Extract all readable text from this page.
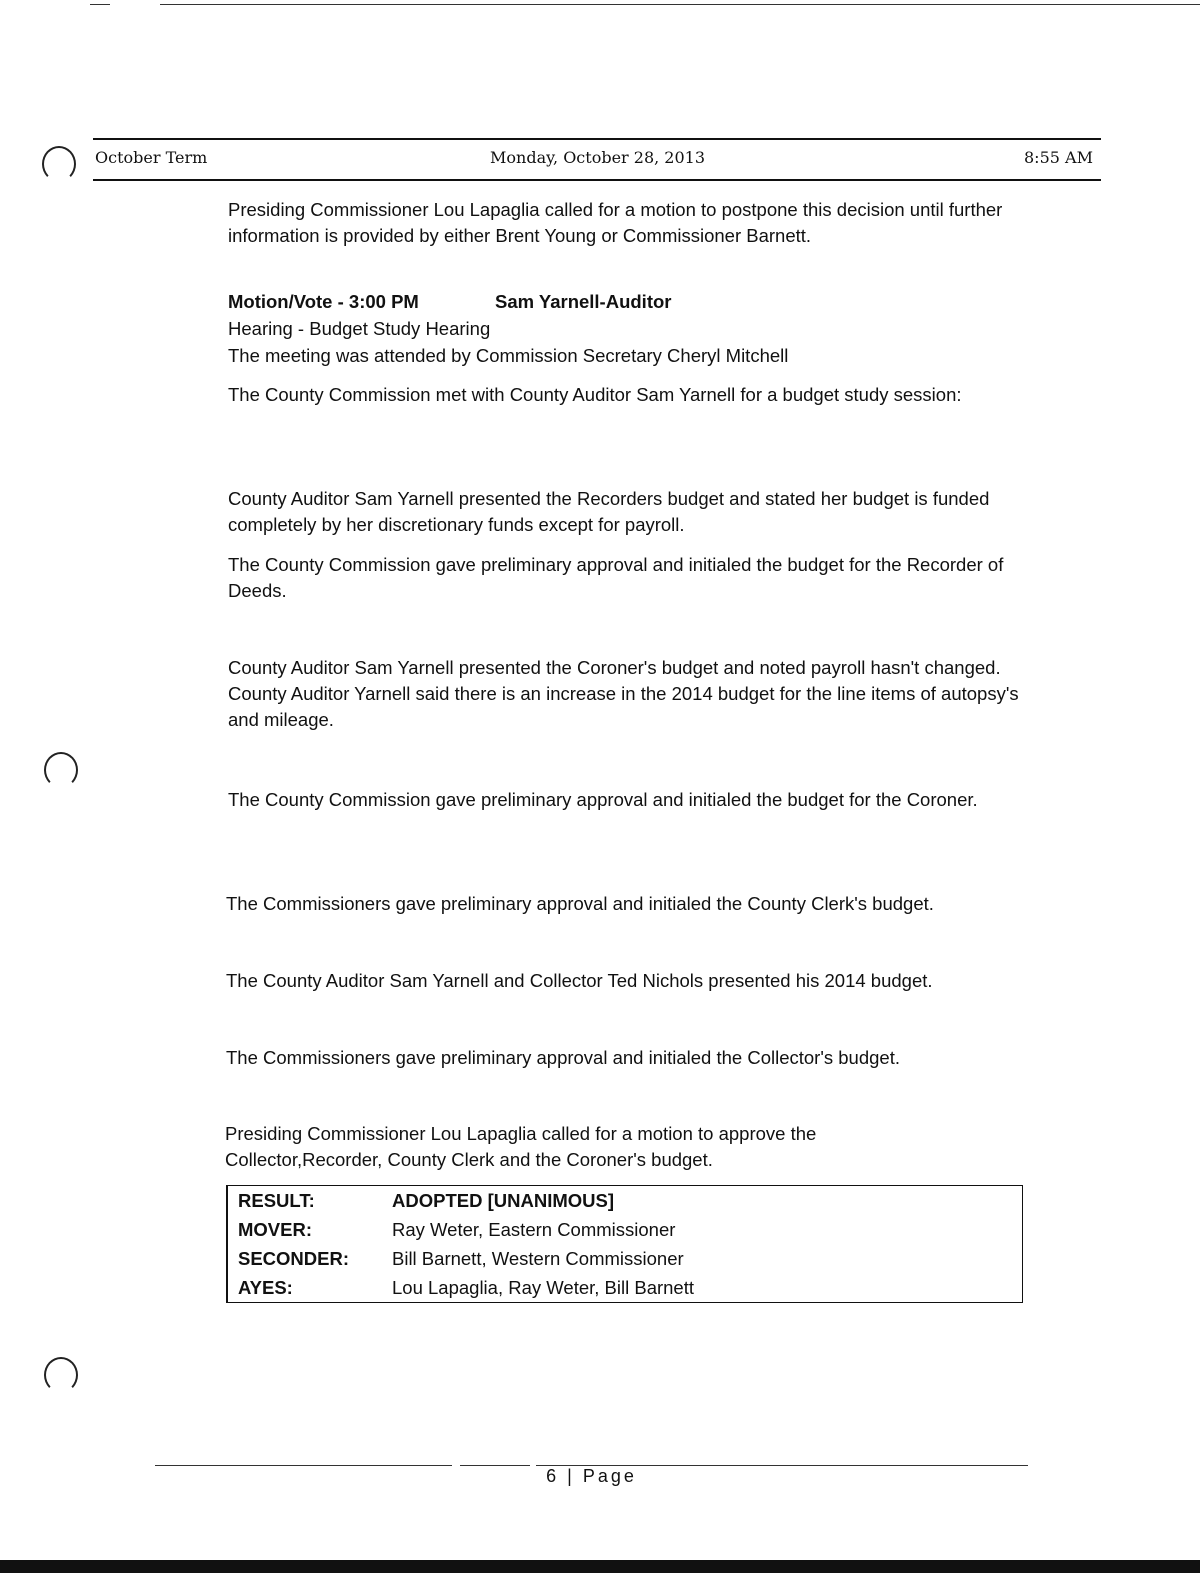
October Term	Monday, October 28, 2013	8:55 AM

Presiding Commissioner Lou Lapaglia called for a motion to postpone this decision until further information is provided by either Brent Young or Commissioner Barnett.

Motion/Vote - 3:00 PM	Sam Yarnell-Auditor

Hearing - Budget Study Hearing

The meeting was attended by Commission Secretary Cheryl Mitchell

The County Commission met with County Auditor Sam Yarnell for a budget study session:

County Auditor Sam Yarnell presented the Recorders budget and stated her budget is funded completely by her discretionary funds except for payroll.

The County Commission gave preliminary approval and initialed the budget for the Recorder of Deeds.

County Auditor Sam Yarnell presented the Coroner's budget and noted payroll hasn't changed. County Auditor Yarnell said there is an increase in the 2014 budget for the line items of autopsy's and mileage.

The County Commission gave preliminary approval and initialed the budget for the Coroner.

The Commissioners gave preliminary approval and initialed the County Clerk's budget.

The County Auditor Sam Yarnell and Collector Ted Nichols presented his 2014 budget.

The Commissioners gave preliminary approval and initialed the Collector's budget.

Presiding Commissioner Lou Lapaglia called for a motion to approve the Collector,Recorder, County Clerk and the Coroner's budget.

RESULT:	ADOPTED [UNANIMOUS]
MOVER:	Ray Weter, Eastern Commissioner
SECONDER:	Bill Barnett, Western Commissioner
AYES:	Lou Lapaglia, Ray Weter, Bill Barnett
6 | Page
